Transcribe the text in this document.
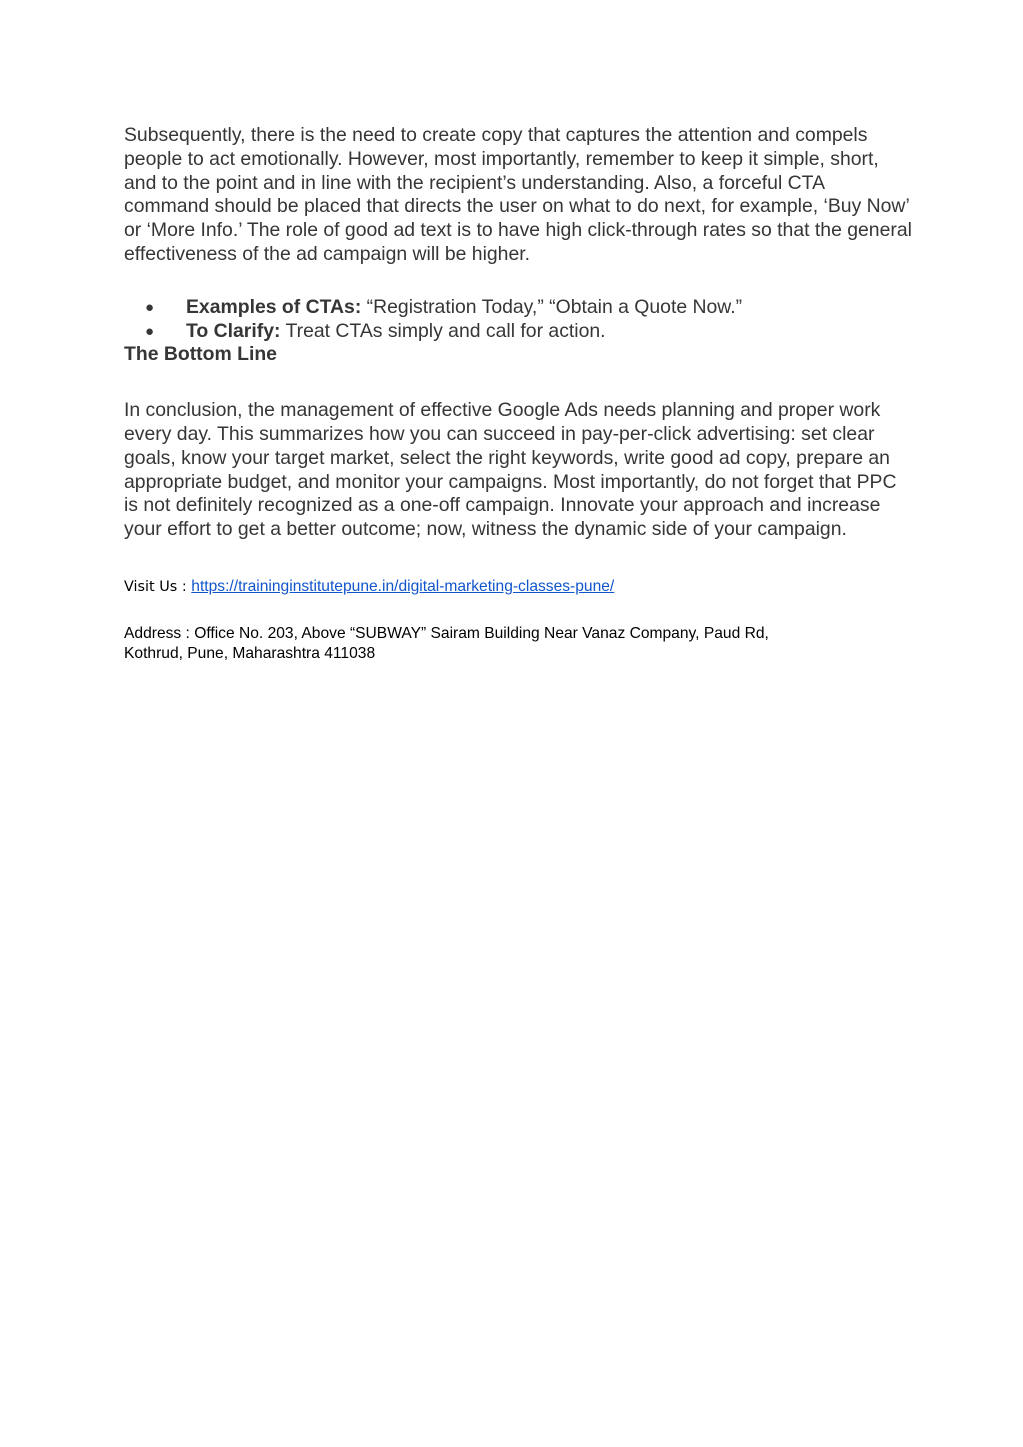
Subsequently, there is the need to create copy that captures the attention and compels people to act emotionally. However, most importantly, remember to keep it simple, short, and to the point and in line with the recipient’s understanding. Also, a forceful CTA command should be placed that directs the user on what to do next, for example, ‘Buy Now’ or ‘More Info.’ The role of good ad text is to have high click-through rates so that the general effectiveness of the ad campaign will be higher.

● Examples of CTAs: “Registration Today,” “Obtain a Quote Now.”
● To Clarify: Treat CTAs simply and call for action.
The Bottom Line

In conclusion, the management of effective Google Ads needs planning and proper work every day. This summarizes how you can succeed in pay-per-click advertising: set clear goals, know your target market, select the right keywords, write good ad copy, prepare an appropriate budget, and monitor your campaigns. Most importantly, do not forget that PPC is not definitely recognized as a one-off campaign. Innovate your approach and increase your effort to get a better outcome; now, witness the dynamic side of your campaign.

Visit Us : https://traininginstitutepune.in/digital-marketing-classes-pune/
Address : Office No. 203, Above “SUBWAY” Sairam Building Near Vanaz Company, Paud Rd,
Kothrud, Pune, Maharashtra 411038
